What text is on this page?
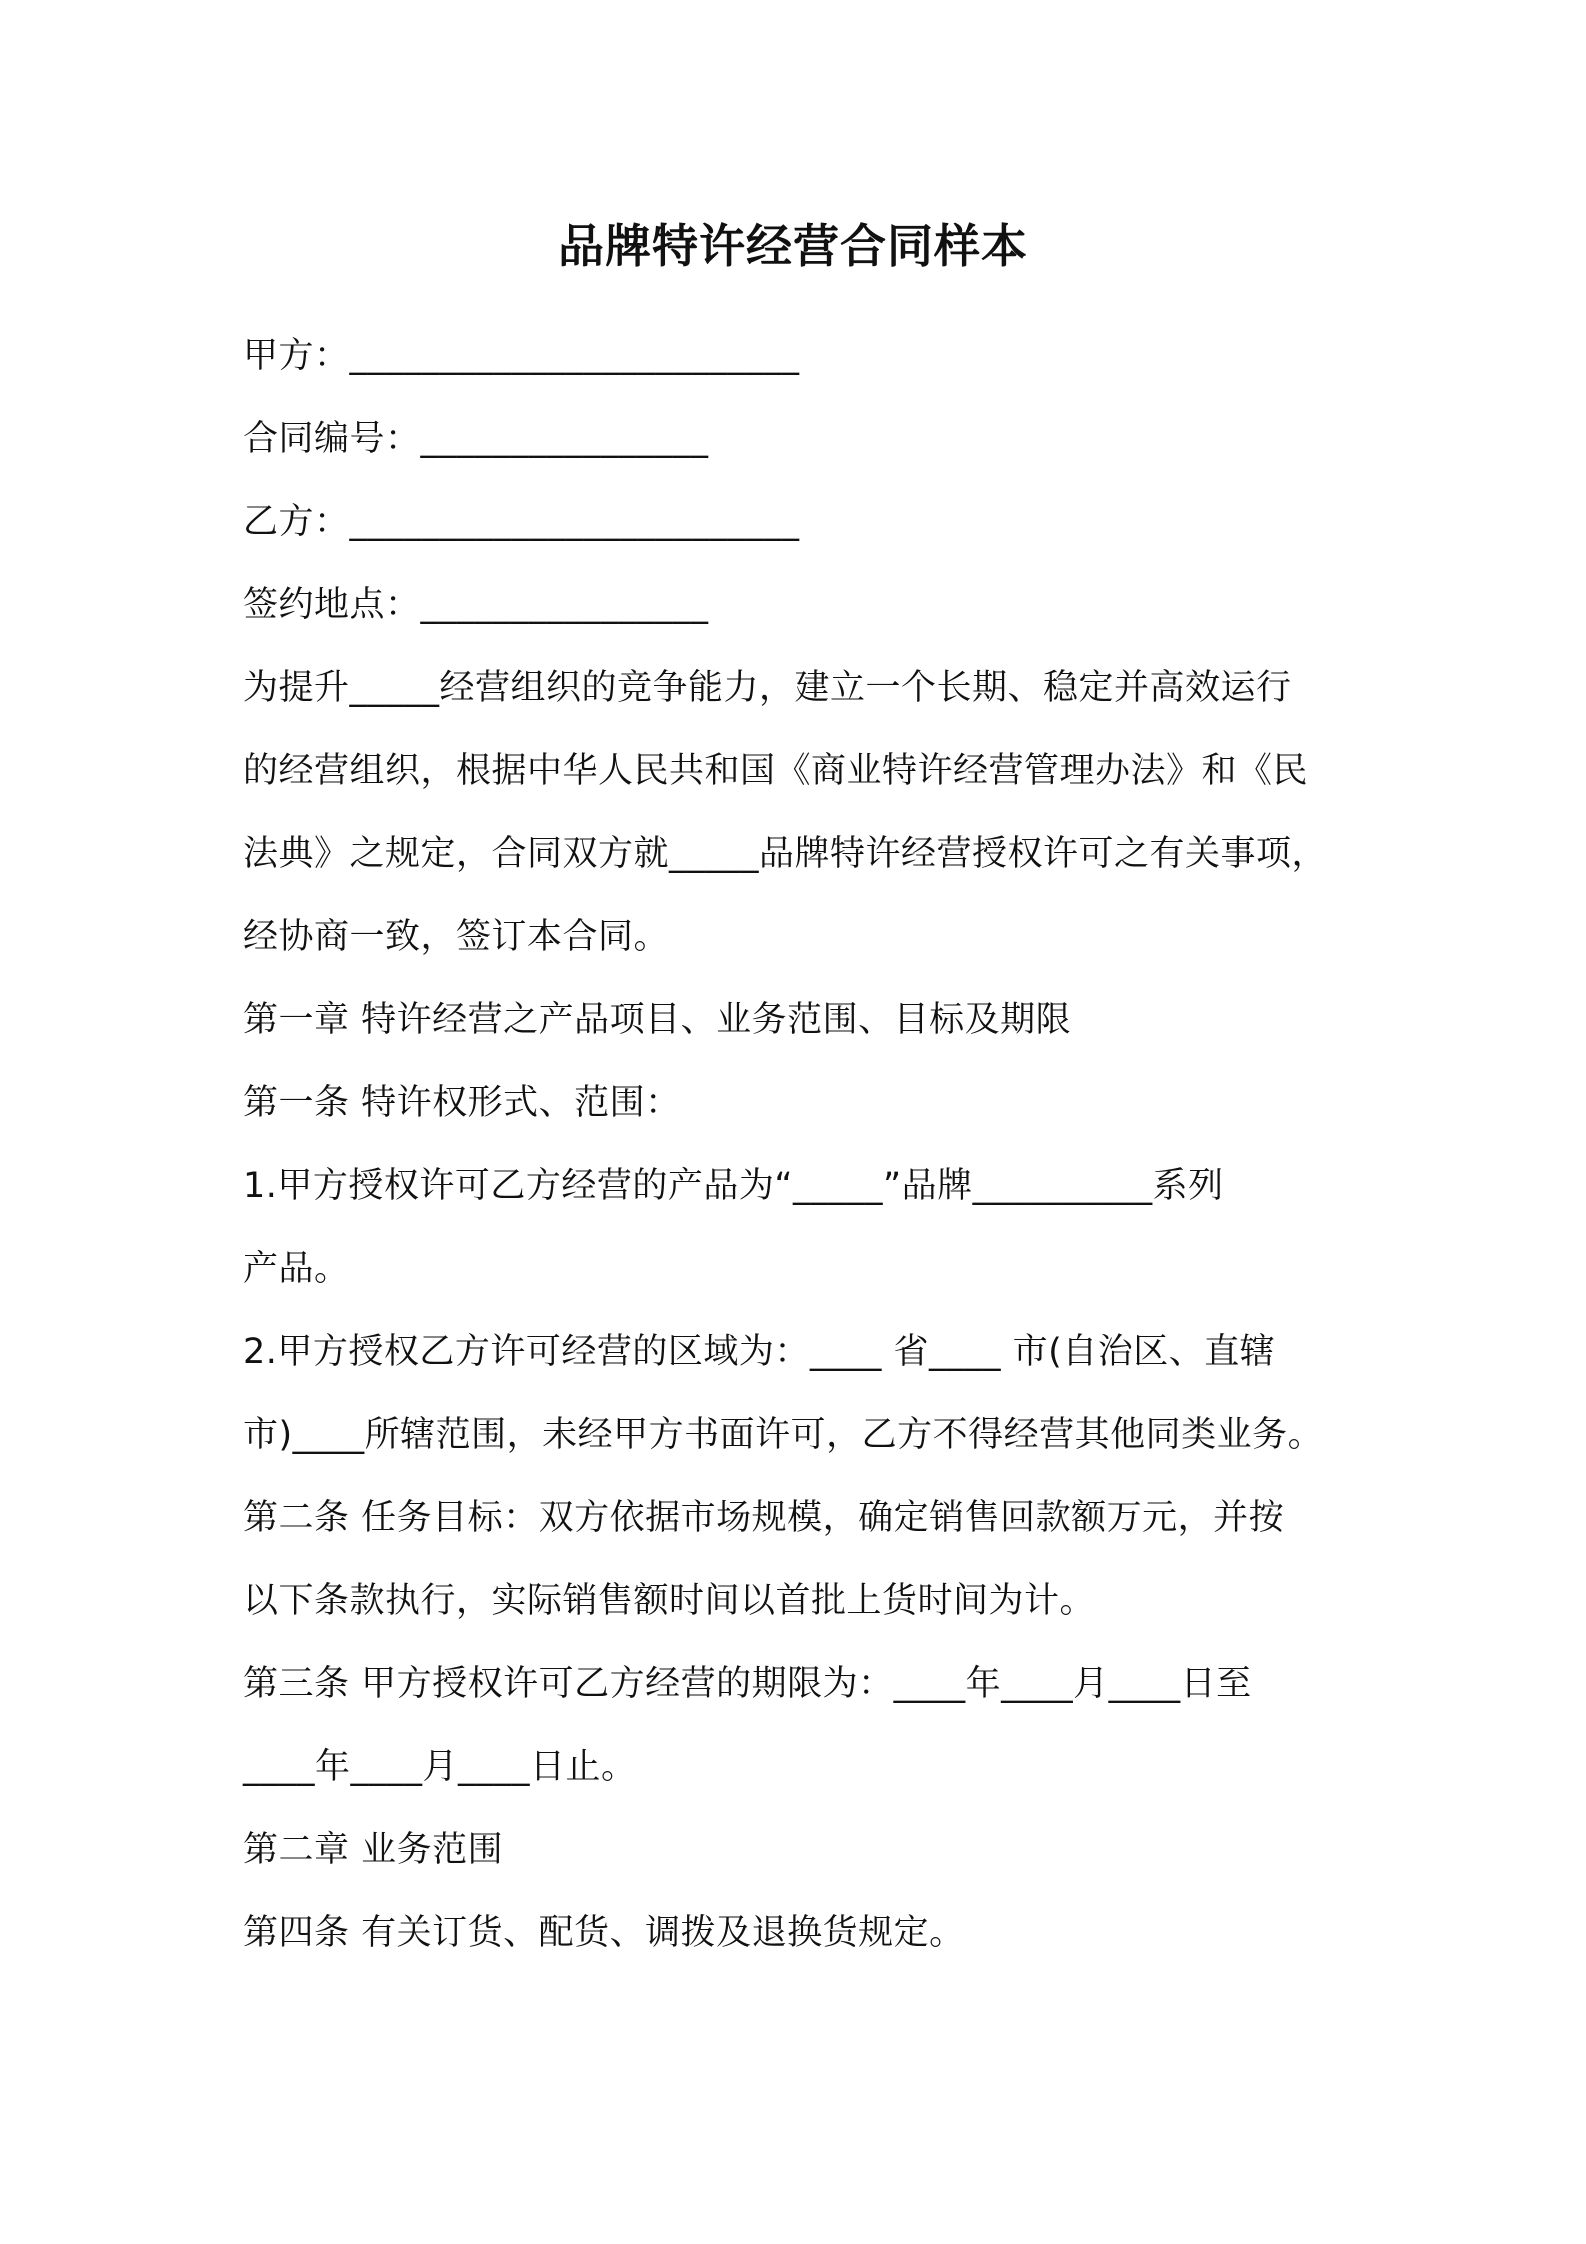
品牌特许经营合同样本
甲方：_________________________
合同编号：________________
乙方：_________________________
签约地点：________________
为提升_____经营组织的竞争能力，建立一个长期、稳定并高效运行
的经营组织，根据中华人民共和国《商业特许经营管理办法》和《民
法典》之规定，合同双方就_____品牌特许经营授权许可之有关事项，
经协商一致，签订本合同。
第一章 特许经营之产品项目、业务范围、目标及期限
第一条 特许权形式、范围：
1.甲方授权许可乙方经营的产品为“_____”品牌__________系列
产品。
2.甲方授权乙方许可经营的区域为：____ 省____ 市(自治区、直辖
市)____所辖范围，未经甲方书面许可，乙方不得经营其他同类业务。
第二条 任务目标：双方依据市场规模，确定销售回款额万元，并按
以下条款执行，实际销售额时间以首批上货时间为计。
第三条 甲方授权许可乙方经营的期限为：____年____月____日至
____年____月____日止。
第二章 业务范围
第四条 有关订货、配货、调拨及退换货规定。
